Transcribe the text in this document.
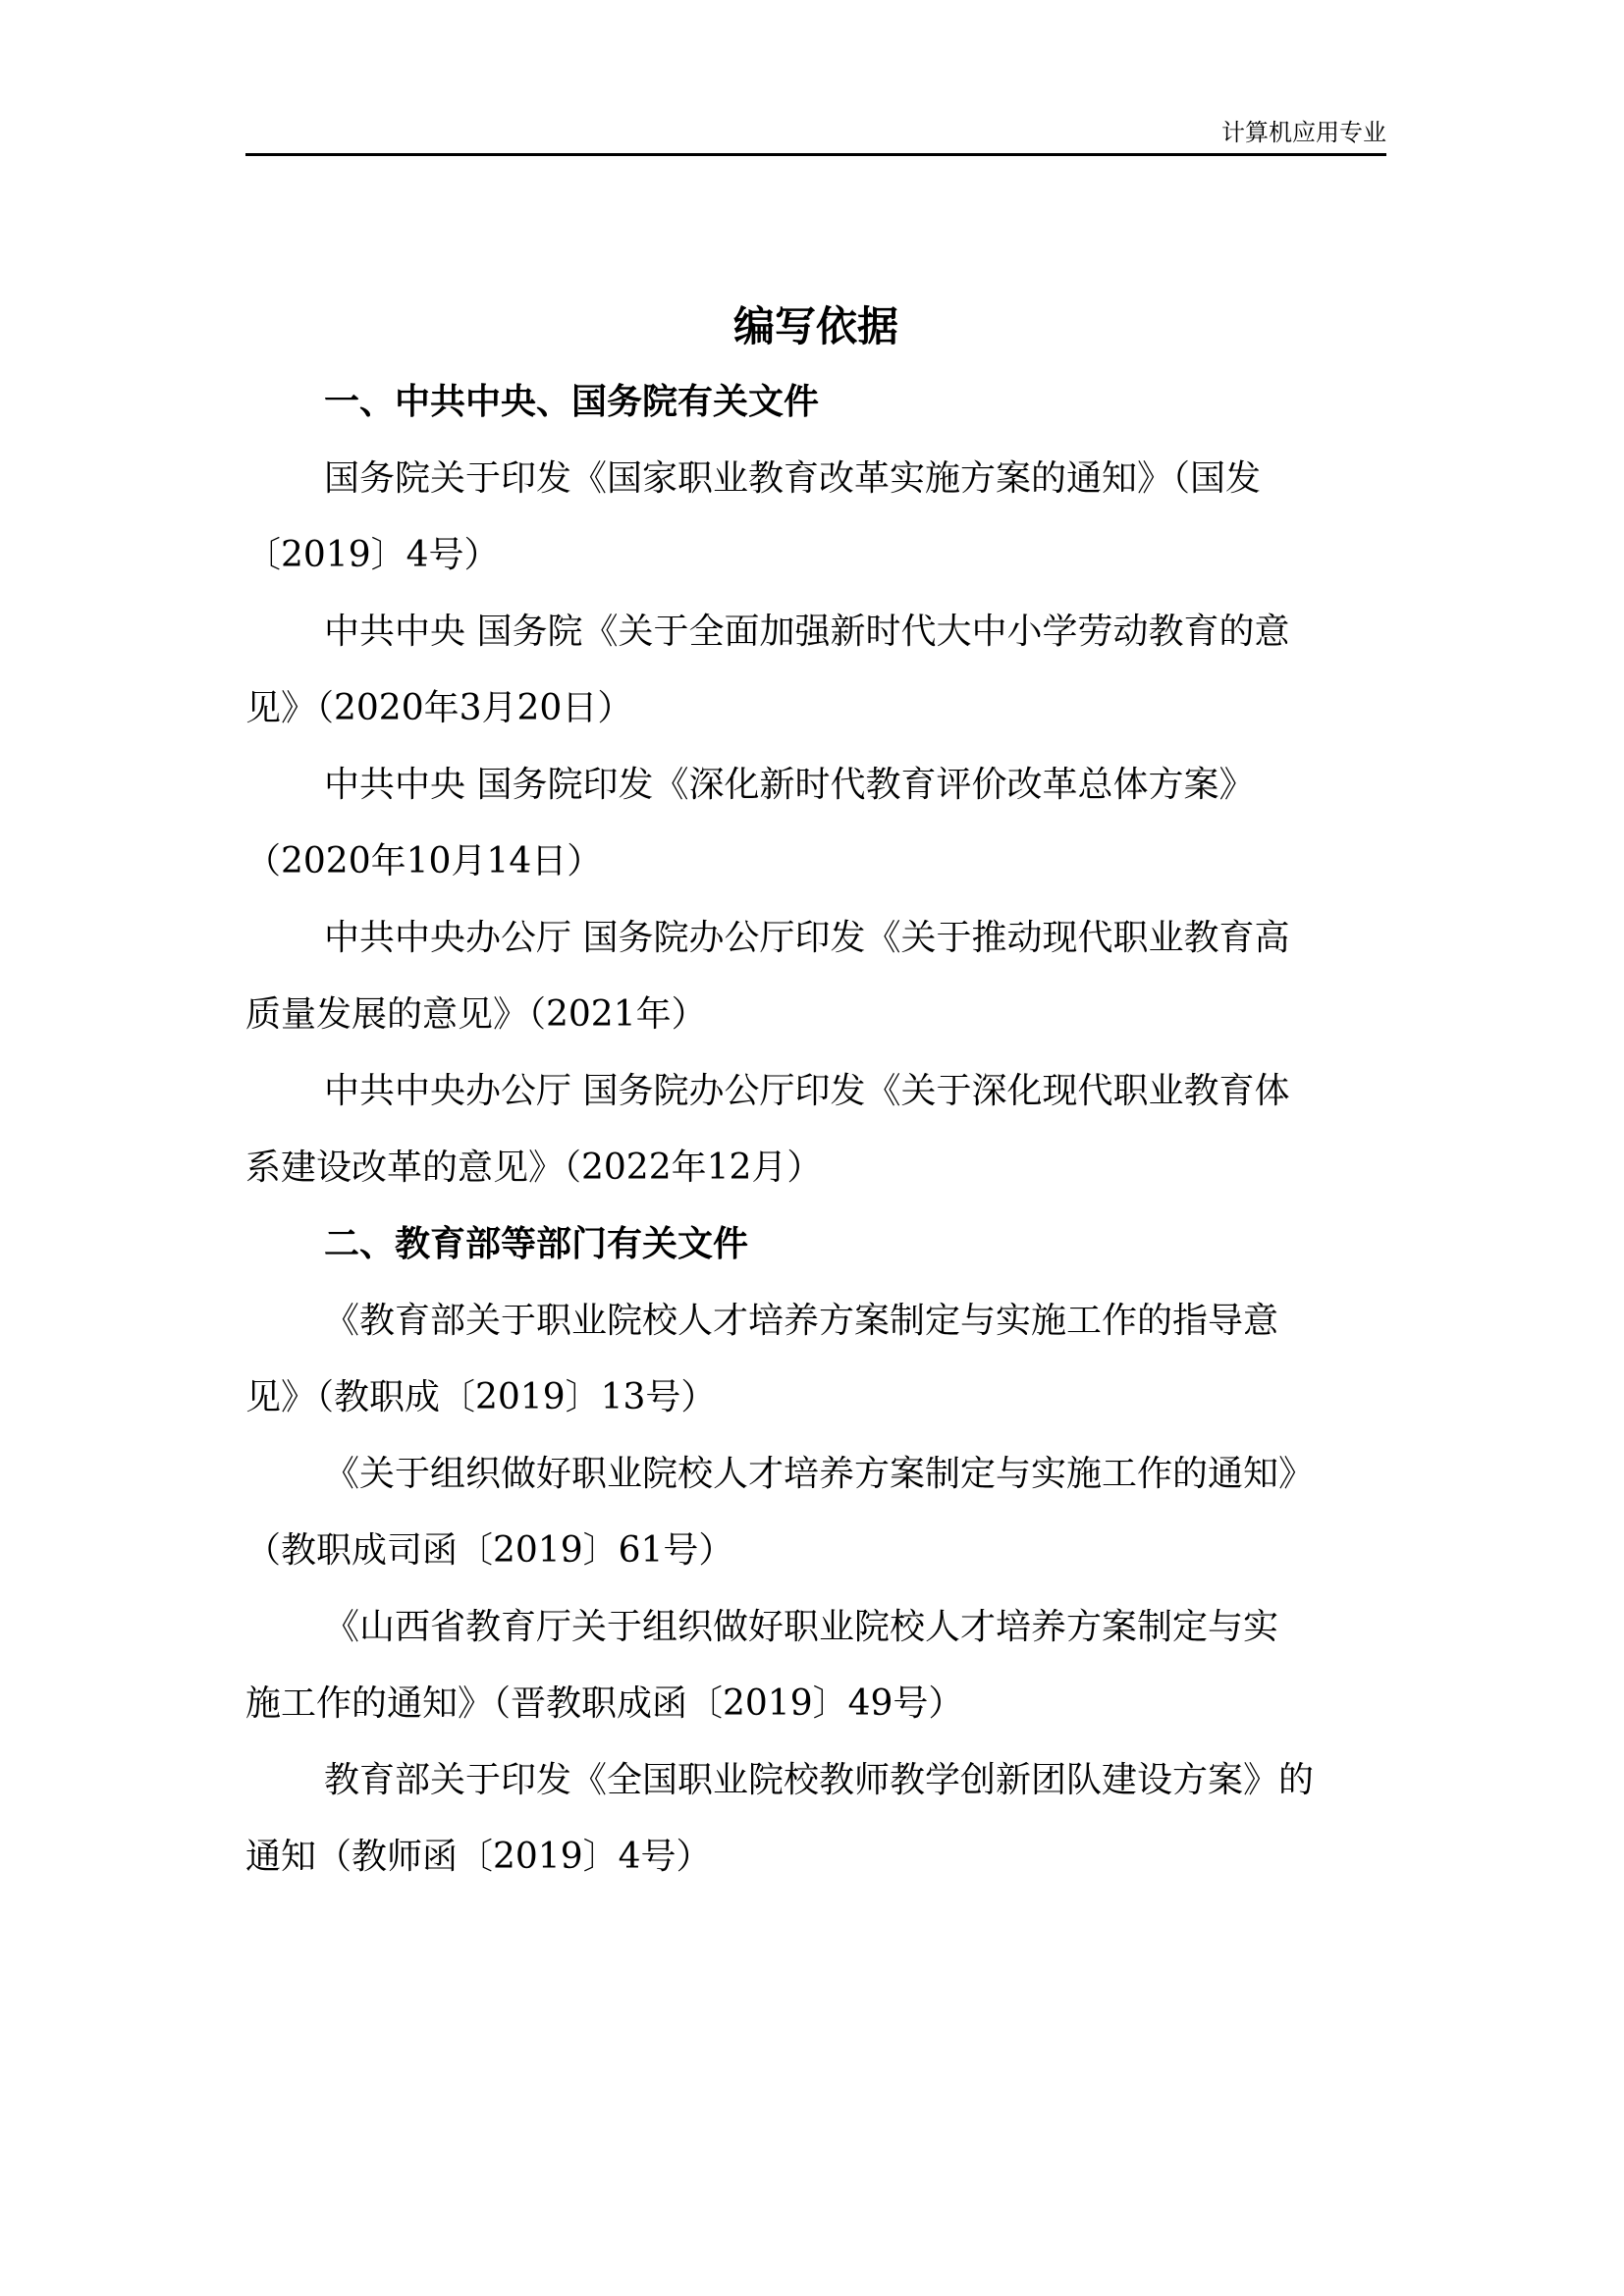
计算机应用专业
编写依据
一、中共中央、国务院有关文件

国务院关于印发《国家职业教育改革实施方案的通知》（国发
〔2019〕4号）

中共中央 国务院《关于全面加强新时代大中小学劳动教育的意
见》（2020年3月20日）

中共中央 国务院印发《深化新时代教育评价改革总体方案》
（2020年10月14日）

中共中央办公厅 国务院办公厅印发《关于推动现代职业教育高
质量发展的意见》（2021年）

中共中央办公厅 国务院办公厅印发《关于深化现代职业教育体
系建设改革的意见》（2022年12月）

二、教育部等部门有关文件

《教育部关于职业院校人才培养方案制定与实施工作的指导意
见》（教职成〔2019〕13号）

《关于组织做好职业院校人才培养方案制定与实施工作的通知》
（教职成司函〔2019〕61号）

《山西省教育厅关于组织做好职业院校人才培养方案制定与实
施工作的通知》（晋教职成函〔2019〕49号）

教育部关于印发《全国职业院校教师教学创新团队建设方案》的
通知（教师函〔2019〕4号）
